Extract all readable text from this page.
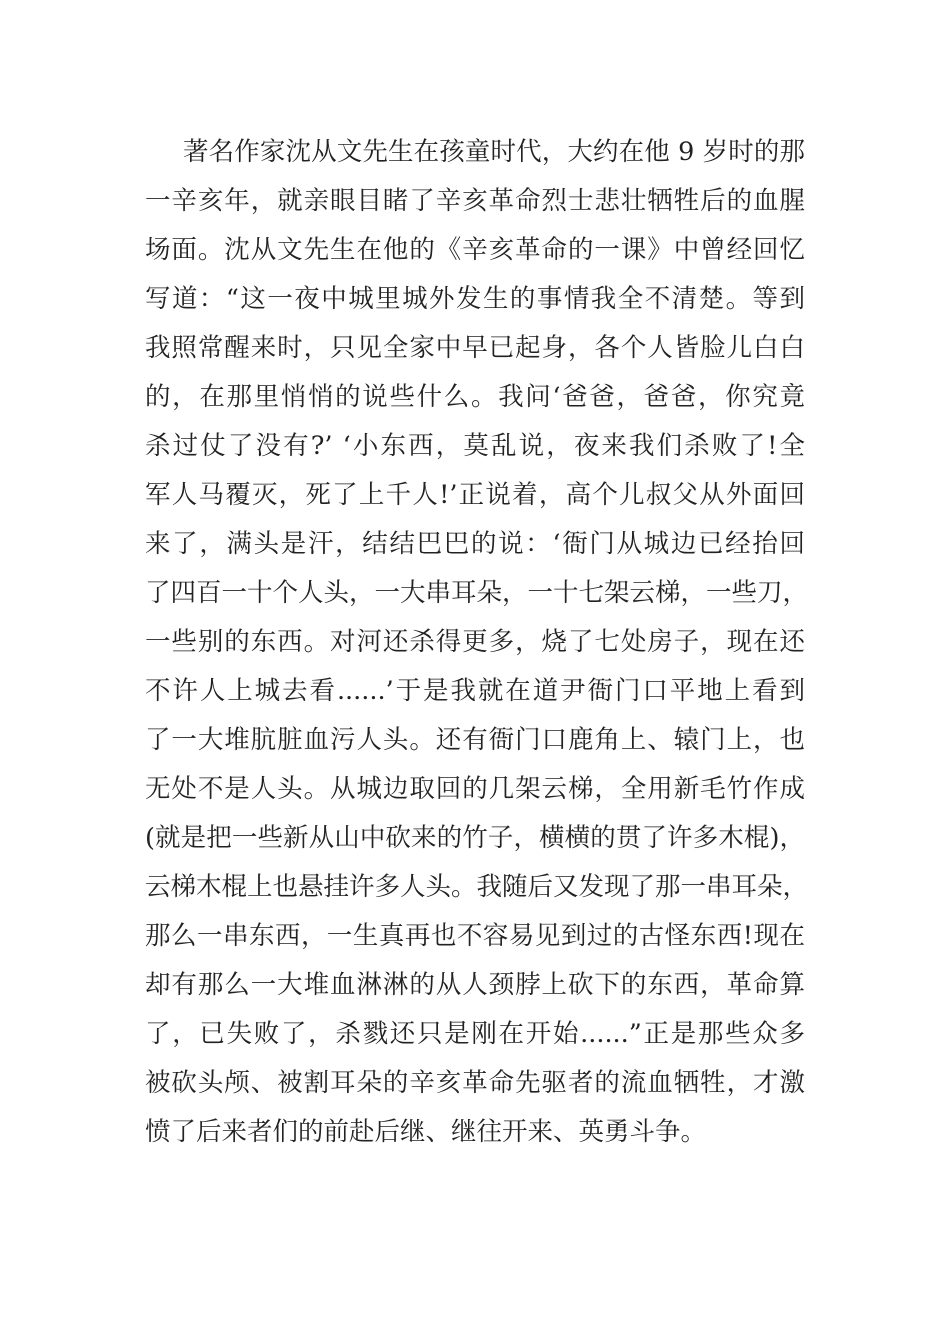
著名作家沈从文先生在孩童时代，大约在他 9 岁时的那
一辛亥年，就亲眼目睹了辛亥革命烈士悲壮牺牲后的血腥
场面。沈从文先生在他的《辛亥革命的一课》中曾经回忆
写道：“这一夜中城里城外发生的事情我全不清楚。等到
我照常醒来时，只见全家中早已起身，各个人皆脸儿白白
的，在那里悄悄的说些什么。我问‘爸爸，爸爸，你究竟
杀过仗了没有?’ ‘小东西，莫乱说，夜来我们杀败了!全
军人马覆灭，死了上千人!’正说着，高个儿叔父从外面回
来了，满头是汗，结结巴巴的说：‘衙门从城边已经抬回
了四百一十个人头，一大串耳朵，一十七架云梯，一些刀，
一些别的东西。对河还杀得更多，烧了七处房子，现在还
不许人上城去看......’于是我就在道尹衙门口平地上看到
了一大堆肮脏血污人头。还有衙门口鹿角上、辕门上，也
无处不是人头。从城边取回的几架云梯，全用新毛竹作成
(就是把一些新从山中砍来的竹子，横横的贯了许多木棍)，
云梯木棍上也悬挂许多人头。我随后又发现了那一串耳朵，
那么一串东西，一生真再也不容易见到过的古怪东西!现在
却有那么一大堆血淋淋的从人颈脖上砍下的东西，革命算
了，已失败了，杀戮还只是刚在开始......”正是那些众多
被砍头颅、被割耳朵的辛亥革命先驱者的流血牺牲，才激
愤了后来者们的前赴后继、继往开来、英勇斗争。
